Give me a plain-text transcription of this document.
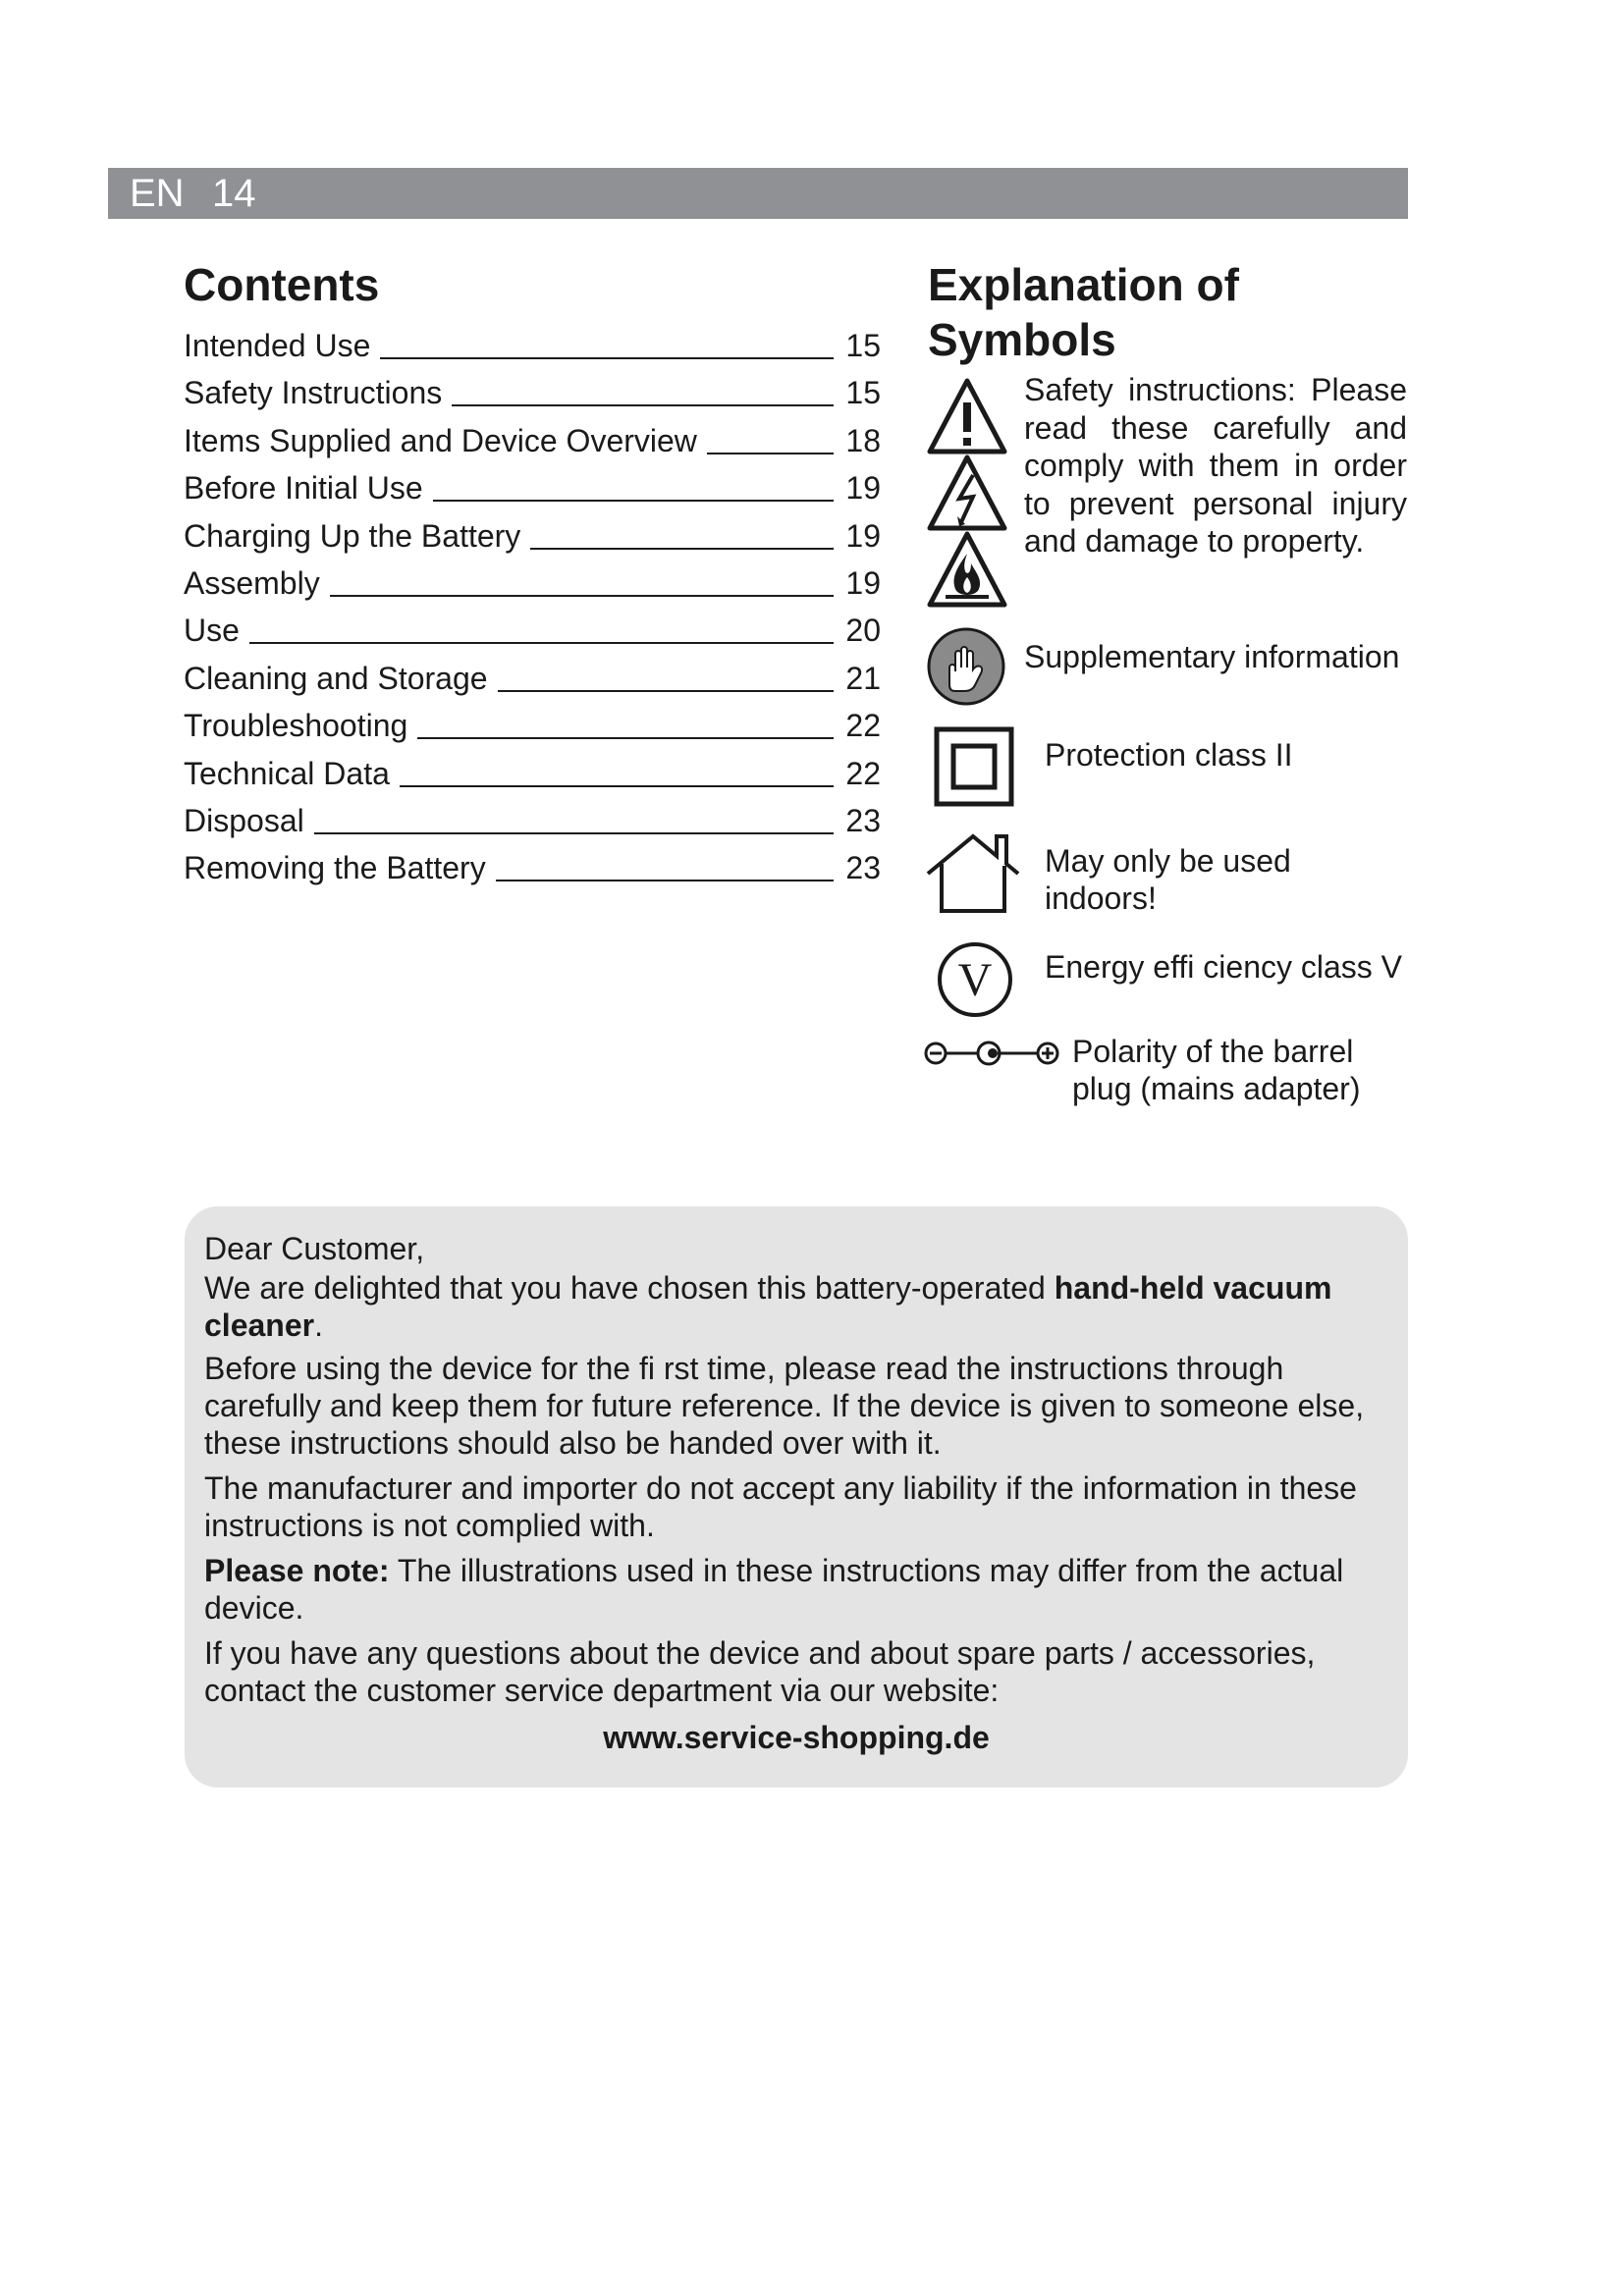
EN 14
Contents
Intended Use	15
Safety Instructions	15
Items Supplied and Device Overview	18
Before Initial Use	19
Charging Up the Battery	19
Assembly	19
Use	20
Cleaning and Storage	21
Troubleshooting	22
Technical Data	22
Disposal	23
Removing the Battery	23
Explanation of Symbols

Safety instructions: Please read these carefully and comply with them in order to prevent personal injury and damage to property.

Supplementary information

Protection class II

May only be used indoors!

V Energy effi ciency class V

Polarity of the barrel plug (mains adapter)

Dear Customer,

We are delighted that you have chosen this battery-operated hand-held vacuum cleaner.

Before using the device for the fi rst time, please read the instructions through carefully and keep them for future reference. If the device is given to someone else, these instructions should also be handed over with it.

The manufacturer and importer do not accept any liability if the information in these instructions is not complied with.

Please note: The illustrations used in these instructions may differ from the actual device.

If you have any questions about the device and about spare parts / accessories, contact the customer service department via our website:

www.service-shopping.de
